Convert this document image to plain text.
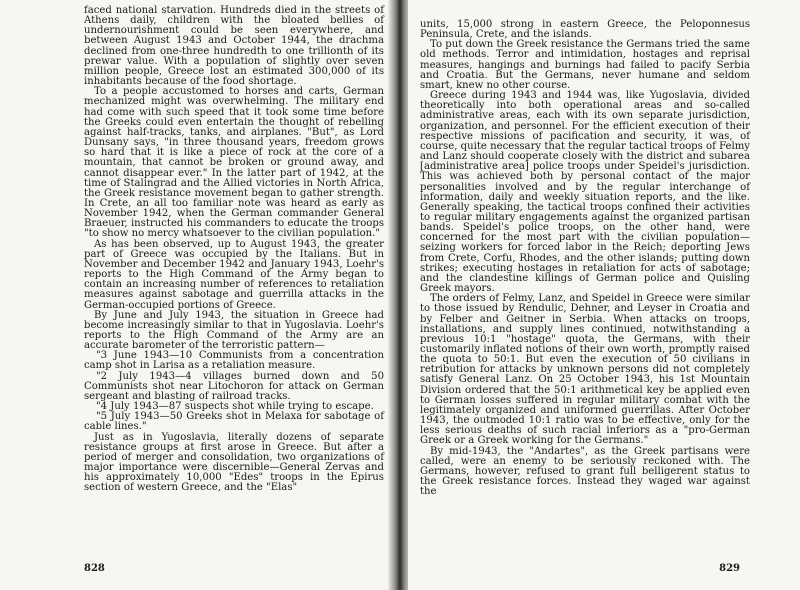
faced national starvation. Hundreds died in the streets of Athens daily, children with the bloated bellies of undernourishment could be seen everywhere, and between August 1943 and October 1944, the drachma declined from one-three hundredth to one trillionth of its prewar value. With a population of slightly over seven million people, Greece lost an estimated 300,000 of its inhabitants because of the food shortage.

To a people accustomed to horses and carts, German mechanized might was overwhelming. The military end had come with such speed that it took some time before the Greeks could even entertain the thought of rebelling against half-tracks, tanks, and airplanes. "But", as Lord Dunsany says, "in three thousand years, freedom grows so hard that it is like a piece of rock at the core of a mountain, that cannot be broken or ground away, and cannot disappear ever." In the latter part of 1942, at the time of Stalingrad and the Allied victories in North Africa, the Greek resistance movement began to gather strength. In Crete, an all too familiar note was heard as early as November 1942, when the German commander General Braeuer, instructed his commanders to educate the troops "to show no mercy whatsoever to the civilian population."

As has been observed, up to August 1943, the greater part of Greece was occupied by the Italians. But in November and December 1942 and January 1943, Loehr's reports to the High Command of the Army began to contain an increasing number of references to retaliation measures against sabotage and guerrilla attacks in the German-occupied portions of Greece.

By June and July 1943, the situation in Greece had become increasingly similar to that in Yugoslavia. Loehr's reports to the High Command of the Army are an accurate barometer of the terroristic pattern—

"3 June 1943—10 Communists from a concentration camp shot in Larisa as a retaliation measure.

"2 July 1943—4 villages burned down and 50 Communists shot near Litochoron for attack on German sergeant and blasting of railroad tracks.

"4 July 1943—87 suspects shot while trying to escape.

"5 July 1943—50 Greeks shot in Melaxa for sabotage of cable lines."

Just as in Yugoslavia, literally dozens of separate resistance groups at first arose in Greece. But after a period of merger and consolidation, two organizations of major importance were discernible—General Zervas and his approximately 10,000 "Edes" troops in the Epirus section of western Greece, and the "Elas"

828

units, 15,000 strong in eastern Greece, the Peloponnesus Peninsula, Crete, and the islands.

To put down the Greek resistance the Germans tried the same old methods. Terror and intimidation, hostages and reprisal measures, hangings and burnings had failed to pacify Serbia and Croatia. But the Germans, never humane and seldom smart, knew no other course.

Greece during 1943 and 1944 was, like Yugoslavia, divided theoretically into both operational areas and so-called administrative areas, each with its own separate jurisdiction, organization, and personnel. For the efficient execution of their respective missions of pacification and security, it was, of course, quite necessary that the regular tactical troops of Felmy and Lanz should cooperate closely with the district and subarea [administrative area] police troops under Speidel's jurisdiction. This was achieved both by personal contact of the major personalities involved and by the regular interchange of information, daily and weekly situation reports, and the like. Generally speaking, the tactical troops confined their activities to regular military engagements against the organized partisan bands. Speidel's police troops, on the other hand, were concerned for the most part with the civilian population—seizing workers for forced labor in the Reich; deporting Jews from Crete, Corfu, Rhodes, and the other islands; putting down strikes; executing hostages in retaliation for acts of sabotage; and the clandestine killings of German police and Quisling Greek mayors.

The orders of Felmy, Lanz, and Speidel in Greece were similar to those issued by Rendulic, Dehner, and Leyser in Croatia and by Felber and Geitner in Serbia. When attacks on troops, installations, and supply lines continued, notwithstanding a previous 10:1 "hostage" quota, the Germans, with their customarily inflated notions of their own worth, promptly raised the quota to 50:1. But even the execution of 50 civilians in retribution for attacks by unknown persons did not completely satisfy General Lanz. On 25 October 1943, his 1st Mountain Division ordered that the 50:1 arithmetical key be applied even to German losses suffered in regular military combat with the legitimately organized and uniformed guerrillas. After October 1943, the outmoded 10:1 ratio was to be effective, only for the less serious deaths of such racial inferiors as a "pro-German Greek or a Greek working for the Germans."

By mid-1943, the "Andartes", as the Greek partisans were called, were an enemy to be seriously reckoned with. The Germans, however, refused to grant full belligerent status to the Greek resistance forces. Instead they waged war against the

829
